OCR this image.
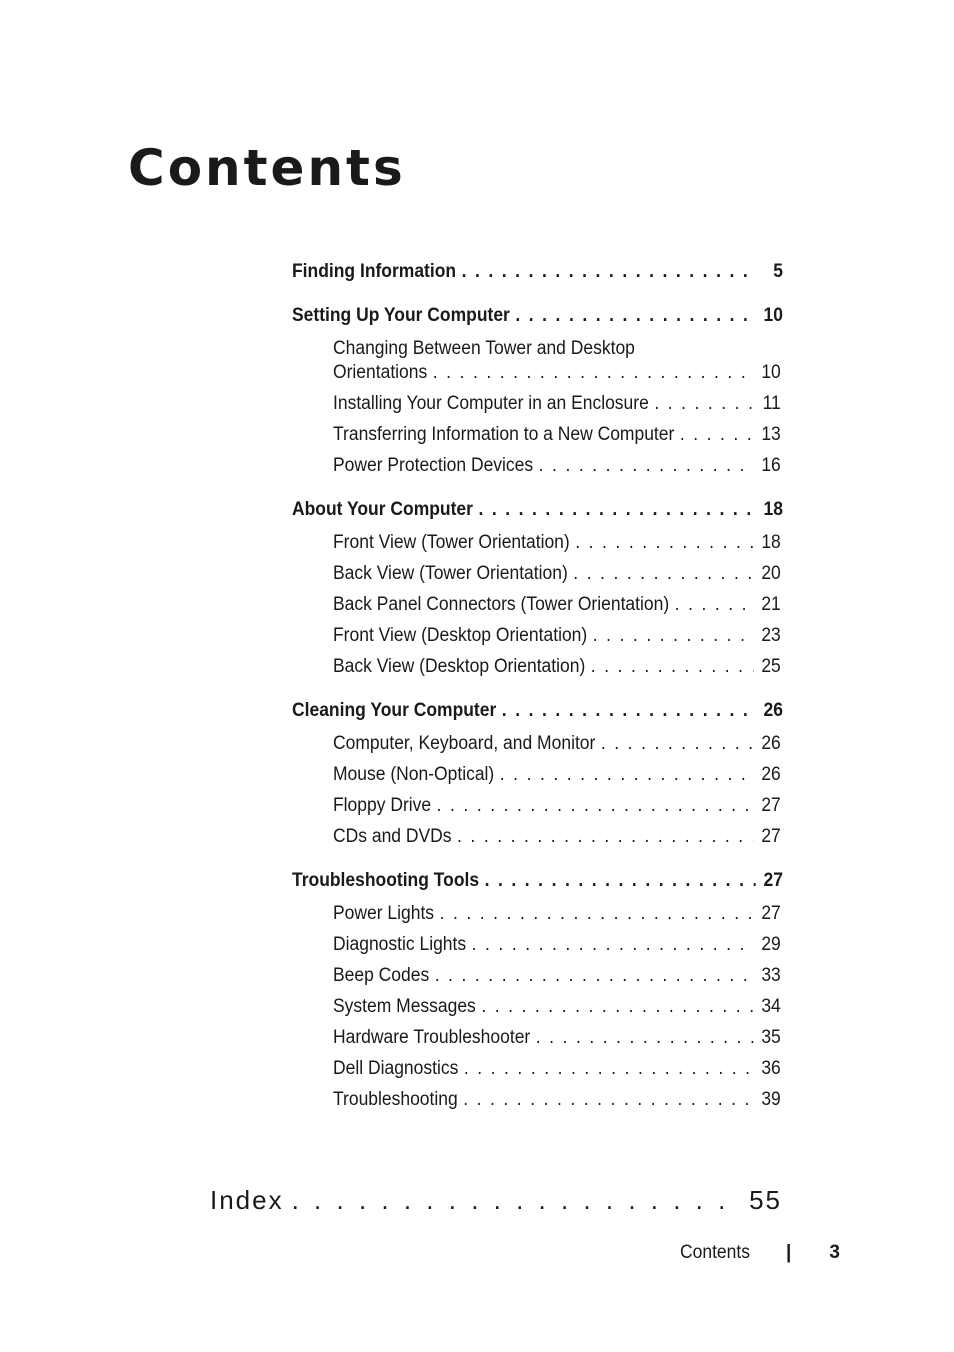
Contents
Finding Information . . .	5
Setting Up Your Computer . . .	10
Changing Between Tower and Desktop
Orientations . . .	10
Installing Your Computer in an Enclosure . . .	11
Transferring Information to a New Computer . . .	13
Power Protection Devices . . .	16
About Your Computer . . .	18
Front View (Tower Orientation) . . .	18
Back View (Tower Orientation) . . .	20
Back Panel Connectors (Tower Orientation) . . .	21
Front View (Desktop Orientation) . . .	23
Back View (Desktop Orientation) . . .	25
Cleaning Your Computer . . .	26
Computer, Keyboard, and Monitor . . .	26
Mouse (Non-Optical) . . .	26
Floppy Drive . . .	27
CDs and DVDs . . .	27
Troubleshooting Tools . . .	27
Power Lights . . .	27
Diagnostic Lights . . .	29
Beep Codes . . .	33
System Messages . . .	34
Hardware Troubleshooter . . .	35
Dell Diagnostics . . .	36
Troubleshooting . . .	39
Index . . .	55
Contents | 3
